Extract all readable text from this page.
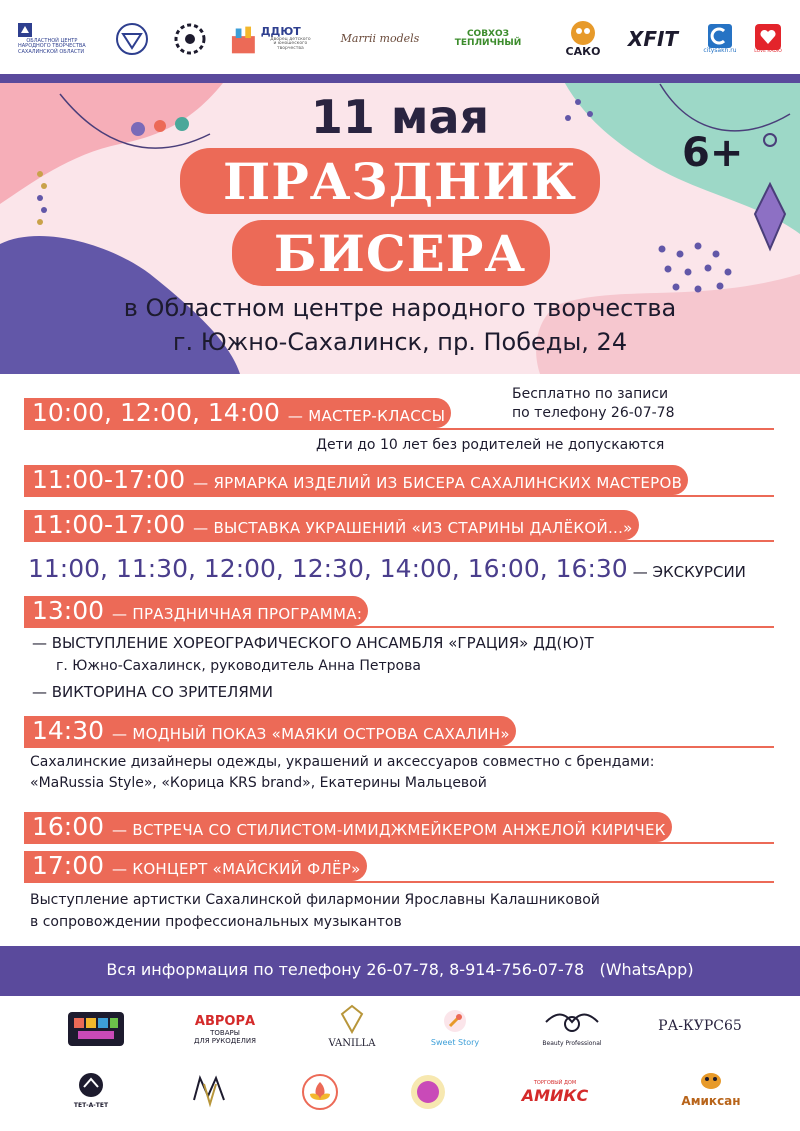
ОБЛАСТНОЙ ЦЕНТР
НАРОДНОГО ТВОРЧЕСТВА
САХАЛИНСКОЙ ОБЛАСТИ
ДДЮТ
Дворец детского
и юношеского творчества
Marrii models	СОВХОЗ ТЕПЛИЧНЫЙ
САКО
XFIT	citysakh.ru	LOVE RADIO
11 мая
ПРАЗДНИК
БИСЕРА
6+
в Областном центре народного творчества
г. Южно-Сахалинск, пр. Победы, 24
10:00, 12:00, 14:00 — МАСТЕР-КЛАССЫ
Бесплатно по записи
по телефону 26-07-78
Дети до 10 лет без родителей не допускаются
11:00-17:00 — ЯРМАРКА ИЗДЕЛИЙ ИЗ БИСЕРА САХАЛИНСКИХ МАСТЕРОВ
11:00-17:00 — ВЫСТАВКА УКРАШЕНИЙ «ИЗ СТАРИНЫ ДАЛЁКОЙ...»
11:00, 11:30, 12:00, 12:30, 14:00, 16:00, 16:30 — ЭКСКУРСИИ
13:00 — ПРАЗДНИЧНАЯ ПРОГРАММА:
— ВЫСТУПЛЕНИЕ ХОРЕОГРАФИЧЕСКОГО АНСАМБЛЯ «ГРАЦИЯ» ДД(Ю)Т
г. Южно-Сахалинск, руководитель Анна Петрова
— ВИКТОРИНА СО ЗРИТЕЛЯМИ
14:30 — МОДНЫЙ ПОКАЗ «МАЯКИ ОСТРОВА САХАЛИН»
Сахалинские дизайнеры одежды, украшений и аксессуаров совместно с брендами:
«MaRussia Style», «Корица KRS brand», Екатерины Мальцевой
16:00 — ВСТРЕЧА СО СТИЛИСТОМ-ИМИДЖМЕЙКЕРОМ АНЖЕЛОЙ КИРИЧЕК
17:00 — КОНЦЕРТ «МАЙСКИЙ ФЛЁР»
Выступление артистки Сахалинской филармонии Ярославны Калашниковой
в сопровождении профессиональных музыкантов
Вся информация по телефону 26-07-78, 8-914-756-07-78   (WhatsApp)
АВРОРА
ТОВАРЫ
ДЛЯ РУКОДЕЛИЯ	VANILLA	Sweet Story	Beauty Professional
РА-КУРС65
ТЕТ-А-ТЕТ
ТОРГОВЫЙ ДОМ
АМИКС	Амиксан
